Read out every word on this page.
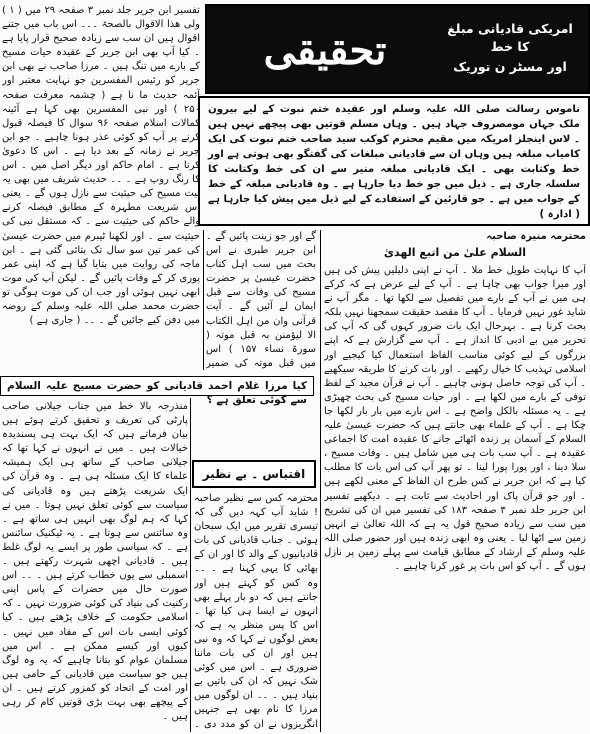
تحقیقی	امریکی قادیانی مبلغ کا خط
اور مسٹر ن توریک
ناموس رسالت صلی اللہ علیہ وسلم اور عقیدہ ختم نبوت کے لیے بیرون ملک جہاں مومصروف جہاد ہیں ۔ وہاں مسلم قوتیں بھی پیچھے نہیں ہیں ۔ لاس اینجلز امریکہ میں مقیم محترم کوکب سید صاحب ختم نبوت کی ایک کامیاب مبلغہ ہیں وہاں ان سے قادیانی مبلغات کی گفتگو بھی ہوتی ہے اور خط وکتابت بھی ۔ ایک قادیانی مبلغہ منیر سے ان کی خط وکتابت کا سلسلہ جاری ہے ۔ ذیل میں جو خط دیا جارہا ہے ۔ وہ قادیانی مبلغہ کے خط کے جواب میں ہے ۔ جو قارئین کے استفادے کے لیے ذیل میں پیش کیا جارہا ہے ( ادارہ )
تفسیر ابن جریر جلد نمبر ۳ صفحہ ۲۹ میں ( ۱ ) ولی ھذا الاقوال بالصحۃ ۔۔۔ اس باب میں جتنے اقوال ہیں ان سب سے زیادہ صحیح قرار پایا ہے ۔ کیا آپ بھی ابن جریر کے عقیدہ حیات مسیح کے بارے میں تنگ ہیں ۔ مرزا صاحب نے بھی ابن جریر کو رئیس المفسرین جو نہایت معتبر اور آئمہ حدیث ما نا ہے ( چشمہ معرفت صفحہ ۲۵۰ ) اور نبی المفسرین بھی کہا ہے آئینہ کمالات اسلام صفحہ ۹۶ سوال کا فیصلہ قبول کرنے پر آپ کو کوئی عذر ہونا چاہیے ۔ جو ابن جریر نے زمانہ کے بعد دیا ہے ۔ اس کا دعویٰ کرنا ہے ۔ امام حاکم اور دیگر اصل میں ۔ اس کا رنگ روپ ہے ۔ ۔۔ حدیث شریف میں بھی یہ نیت مسیح کی حیثیت سے نازل ہوں گے ۔ یعنی اس شریعت مطہرہ کے مطابق فیصلہ کرنے والے حاکم کی حیثیت سے ۔ کہ مستقل نبی کی حیثیت سے ۔ اور لکھنا ٹیبرم میں حضرت عیسیٰ کی عمر تین سو سال تک بتائی گئی ہے ۔ ابن ماجہ کی روایت میں بتایا گیا ہے کہ اپنی عمر پوری کر کے وفات پائیں گے ۔ لیکن آپ کی موت ابھی نہیں ہوئی اور جب ان کی موت ہوگی تو حضرت محمد صلی اللہ علیہ وسلم کے روضہ میں دفن کیے جائیں گے ۔ ۔۔ ( جاری ہے )
گے اور جو زینت پائیں گے ۔ ابن جریر طبری نے اس بحث میں سب اہل کتاب حضرت عیسیٰ پر حضرت مسیح کی وفات سے قبل ایمان لے آئیں گے ۔ آیت قرآنی وان من اہل الکتاب الا لیؤمنن بہ قبل موتہ ( سورۃ نساء ۱۵۷ ) اس میں قبل موتہ کی ضمیر
کیا مرزا غلام احمد قادیانی کو حضرت مسیح علیہ السلام سے کوئی تعلق ہے ؟
منذرجہ بالا خط میں جناب جیلانی صاحب پارٹی کی تعریف و تحقیق کرتے ہوئے ہیں بیان فرماتے ہیں کہ ایک بہت ہی پسندیدہ خیالات ہیں ۔ میں نے انہوں نے کہا تھا کہ جیلانی صاحب کے ساتھ ہی ایک ہمیشہ علماء کا ایک مسئلہ ہی ہے ۔ وہ قرآن کی ایک شریعت پڑھتے ہیں وہ قادیانی کی سیاست سے کوئی تعلق نہیں ہوتا ۔ میں نے کہا کہ ہم لوگ بھی انہیں ہی ساتھ ہے ۔ وہ سائنس سے ہوتا ہے ۔ یہ ٹیکنیک سائنس ہے ۔ کہ سیاسی طور پر ایسے یہ لوگ غلط ہیں ۔ قادیانی اچھی شہرت رکھتے ہیں ۔ اسمبلی سے یوں خطاب کرتے ہیں ۔ ۔۔ اس صورت حال میں حضرات کے پاس اپنی رکنیت کی بنیاد کی کوئی ضرورت نہیں ۔ کہ اسلامی حکومت کے خلاف پڑھتے ہیں ۔ کیا کوئی ایسی بات اس کے مفاد میں نہیں ۔ کیوں اور کیسے ممکن ہے ۔ اس میں مسلمان عوام کو بتانا چاہیے کہ یہ وہ لوگ ہیں جو سیاست میں قادیانی کے حامی ہیں اور امت کے اتحاد کو کمزور کرتے ہیں ۔ ان کے پیچھے بھی بہت بڑی قوتیں کام کر رہی ہیں ۔
اقتباس ۔ بے نظیر
محترمہ کس سے نظیر صاحبہ ! شاید آپ کہہ دیں گی کہ تیسری تقریر میں ایک سبحان ہوئی ۔ جناب قادیانی کی بات قادیانیوں کے والد کا اور ان کے بھائی کا یہی کہنا ہے ۔ ۔۔ وہ کس کو کہتے ہیں اور جانتے ہیں کہ دو بار پہلے بھی انہوں نے ایسا ہی کیا تھا ۔ اس کا پس منظر یہ ہے کہ بعض لوگوں نے کہا کہ وہ نبی ہیں اور ان کی بات ماننا ضروری ہے ۔ اس میں کوئی شک نہیں کہ ان کی باتیں بے بنیاد ہیں ۔ ۔۔ ان لوگوں میں مرزا کا نام بھی ہے جنہیں انگریزوں نے ان کو مدد دی ۔
محترمہ منیرہ صاحبہ
السلام علیٰ من اتبع الھدیٰ
آپ کا نہایت طویل خط ملا ۔ آپ نے اپنی دلیلیں پیش کی ہیں اور میرا جواب بھی چاہا ہے ۔ آپ کے لیے عرض ہے کہ کرکے ہی میں نے آپ کے بارے میں تفصیل سے لکھا تھا ۔ مگر آپ نے شاید غور نہیں فرمایا ۔ آپ کا مقصد حقیقت سمجھنا نہیں بلکہ بحث کرنا ہے ۔ بہرحال ایک بات ضرور کہوں گی کہ آپ کی تحریر میں بے ادبی کا انداز ہے ۔ آپ سے گزارش ہے کہ اپنے بزرگوں کے لیے کوئی مناسب الفاظ استعمال کیا کیجیے اور اسلامی تہذیب کا خیال رکھیے ۔ اور بات کرنے کا طریقہ سیکھیے ۔ آپ کی توجہ حاصل ہونی چاہیے ۔ آپ نے قرآن مجید کے لفظ توفی کے بارے میں لکھا ہے ۔ اور حیات مسیح کی بحث چھیڑی ہے ۔ یہ مسئلہ بالکل واضح ہے ۔ اس بارے میں بار بار لکھا جا چکا ہے ۔ آپ کے علماء بھی جانتے ہیں کہ حضرت عیسیٰ علیہ السلام کے آسمان پر زندہ اٹھائے جانے کا عقیدہ امت کا اجماعی عقیدہ ہے ۔ آپ سب بات ہی میں شامل ہیں ۔ وفات مسیح ، سلا دینا ، اور پورا پورا لینا ۔ تو پھر آپ کی اس بات کا مطلب کیا ہے کہ ابن جریر نے کس طرح ان الفاظ کے معنی لکھے ہیں ۔ اور جو قرآن پاک اور احادیث سے ثابت ہے ۔ دیکھیے تفسیر ابن جریر جلد نمبر ۳ صفحہ ۱۸۳ کی تفسیر میں ان کی تشریح میں سب سے زیادہ صحیح قول یہ ہے کہ اللہ تعالیٰ نے انہیں زمین سے اٹھا لیا ۔ یعنی وہ ابھی زندہ ہیں اور حضور صلی اللہ علیہ وسلم کے ارشاد کے مطابق قیامت سے پہلے زمین پر نازل ہوں گے ۔ آپ کو اس بات پر غور کرنا چاہیے ۔
